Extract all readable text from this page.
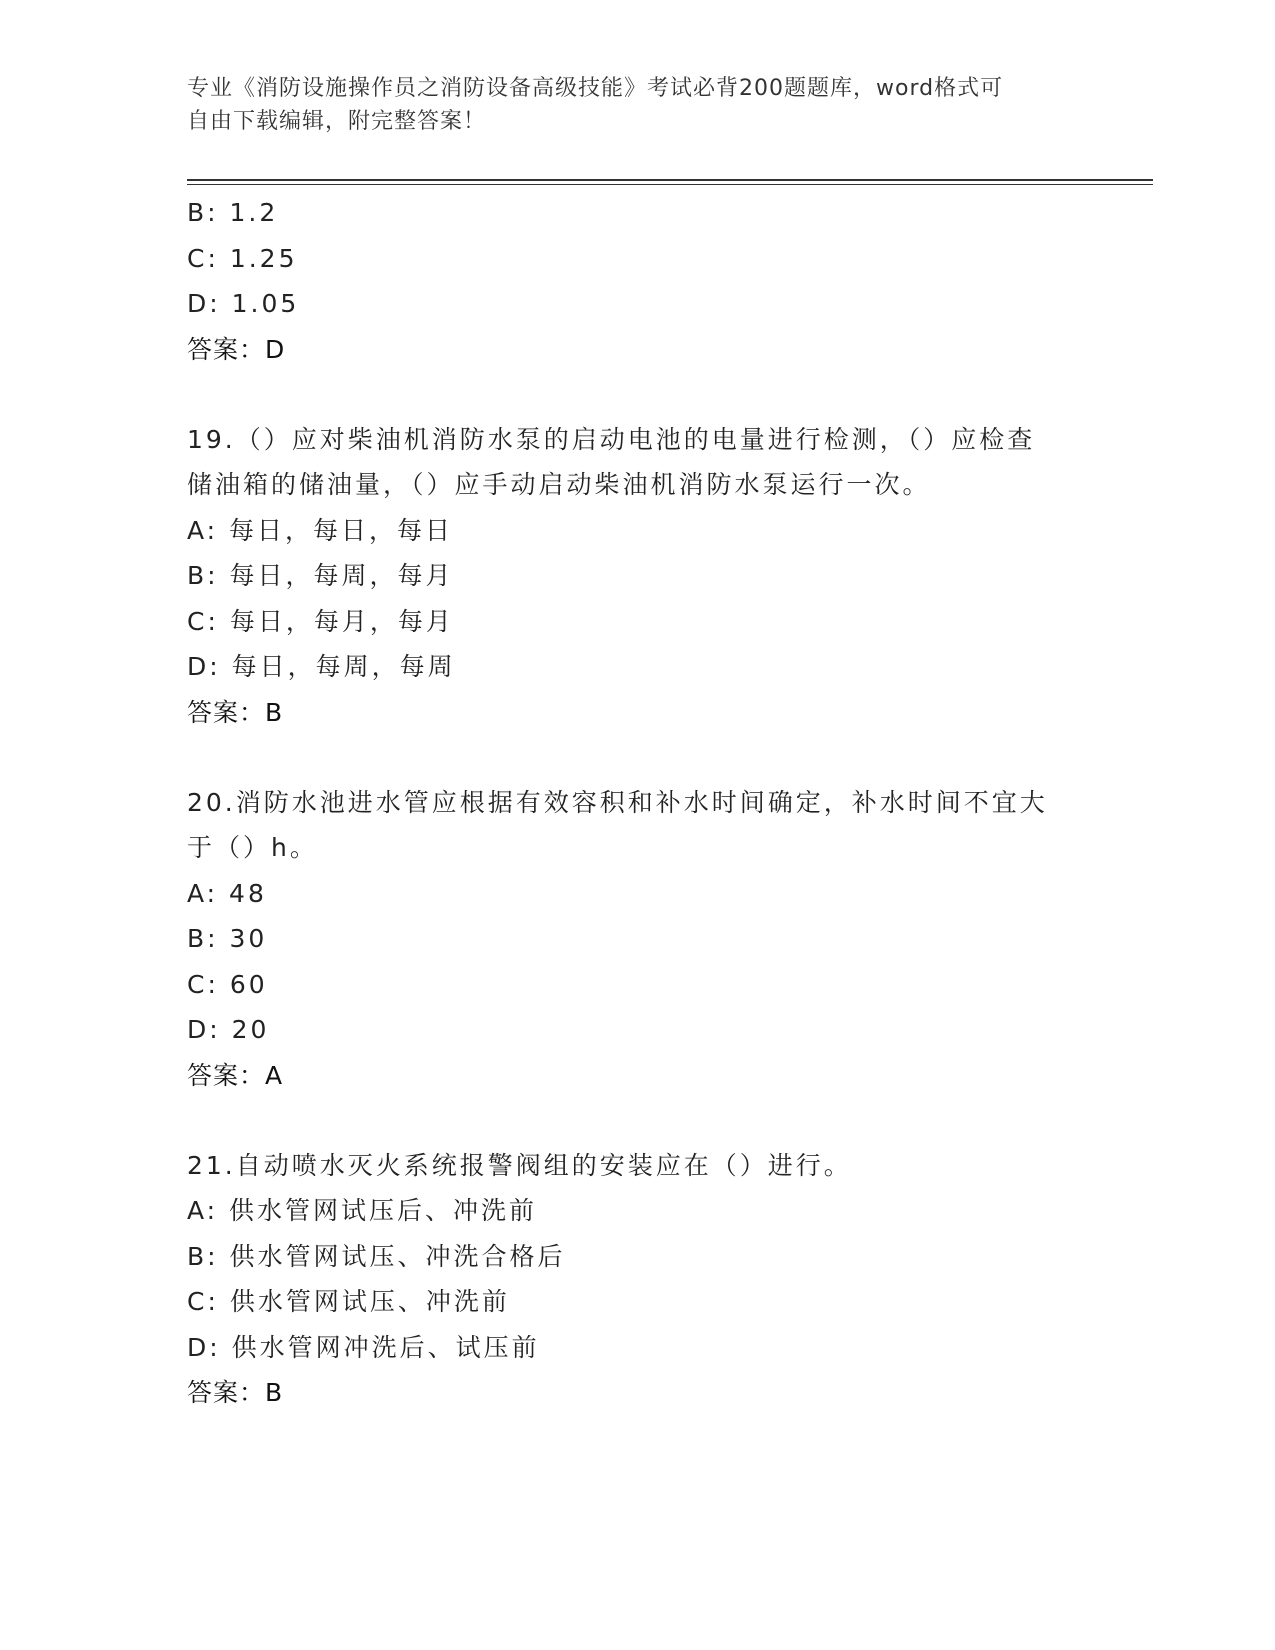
专业《消防设施操作员之消防设备高级技能》考试必背200题题库，word格式可
自由下载编辑，附完整答案！
B: 1.2
C: 1.25
D: 1.05
答案：D
19.（）应对柴油机消防水泵的启动电池的电量进行检测，（）应检查
储油箱的储油量，（）应手动启动柴油机消防水泵运行一次。
A: 每日，每日，每日
B: 每日，每周，每月
C: 每日，每月，每月
D: 每日，每周，每周
答案：B
20.消防水池进水管应根据有效容积和补水时间确定，补水时间不宜大
于（）h。
A: 48
B: 30
C: 60
D: 20
答案：A
21.自动喷水灭火系统报警阀组的安装应在（）进行。
A: 供水管网试压后、冲洗前
B: 供水管网试压、冲洗合格后
C: 供水管网试压、冲洗前
D: 供水管网冲洗后、试压前
答案：B
